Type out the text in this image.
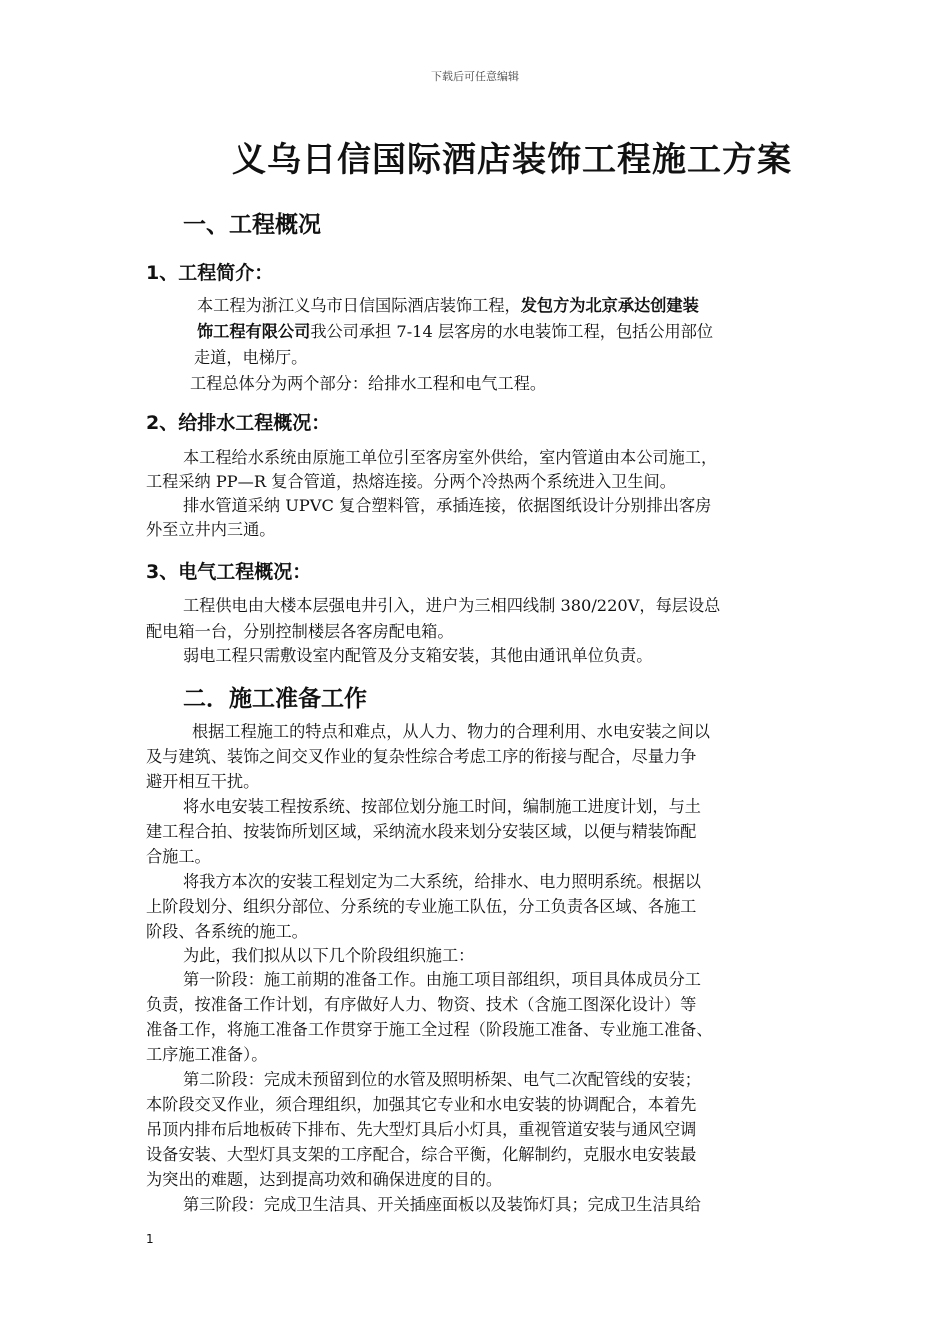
下载后可任意编辑
义乌日信国际酒店装饰工程施工方案
一、工程概况
1、工程简介：

本工程为浙江义乌市日信国际酒店装饰工程，发包方为北京承达创建装

饰工程有限公司我公司承担 7-14 层客房的水电装饰工程，包括公用部位

走道，电梯厅。

工程总体分为两个部分：给排水工程和电气工程。

2、给排水工程概况：

本工程给水系统由原施工单位引至客房室外供给，室内管道由本公司施工，

工程采纳 PP—R 复合管道，热熔连接。分两个冷热两个系统进入卫生间。

排水管道采纳 UPVC 复合塑料管，承插连接，依据图纸设计分别排出客房

外至立井内三通。

3、电气工程概况：

工程供电由大楼本层强电井引入，进户为三相四线制 380/220V，每层设总

配电箱一台，分别控制楼层各客房配电箱。

弱电工程只需敷设室内配管及分支箱安装，其他由通讯单位负责。

二．施工准备工作

根据工程施工的特点和难点，从人力、物力的合理利用、水电安装之间以

及与建筑、装饰之间交叉作业的复杂性综合考虑工序的衔接与配合，尽量力争

避开相互干扰。

将水电安装工程按系统、按部位划分施工时间，编制施工进度计划，与土

建工程合拍、按装饰所划区域，采纳流水段来划分安装区域，以便与精装饰配

合施工。

将我方本次的安装工程划定为二大系统，给排水、电力照明系统。根据以

上阶段划分、组织分部位、分系统的专业施工队伍，分工负责各区域、各施工

阶段、各系统的施工。

为此，我们拟从以下几个阶段组织施工：

第一阶段：施工前期的准备工作。由施工项目部组织，项目具体成员分工

负责，按准备工作计划，有序做好人力、物资、技术（含施工图深化设计）等

准备工作，将施工准备工作贯穿于施工全过程（阶段施工准备、专业施工准备、

工序施工准备）。

第二阶段：完成未预留到位的水管及照明桥架、电气二次配管线的安装；

本阶段交叉作业，须合理组织，加强其它专业和水电安装的协调配合，本着先

吊顶内排布后地板砖下排布、先大型灯具后小灯具，重视管道安装与通风空调

设备安装、大型灯具支架的工序配合，综合平衡，化解制约，克服水电安装最

为突出的难题，达到提高功效和确保进度的目的。

第三阶段：完成卫生洁具、开关插座面板以及装饰灯具；完成卫生洁具给

1
